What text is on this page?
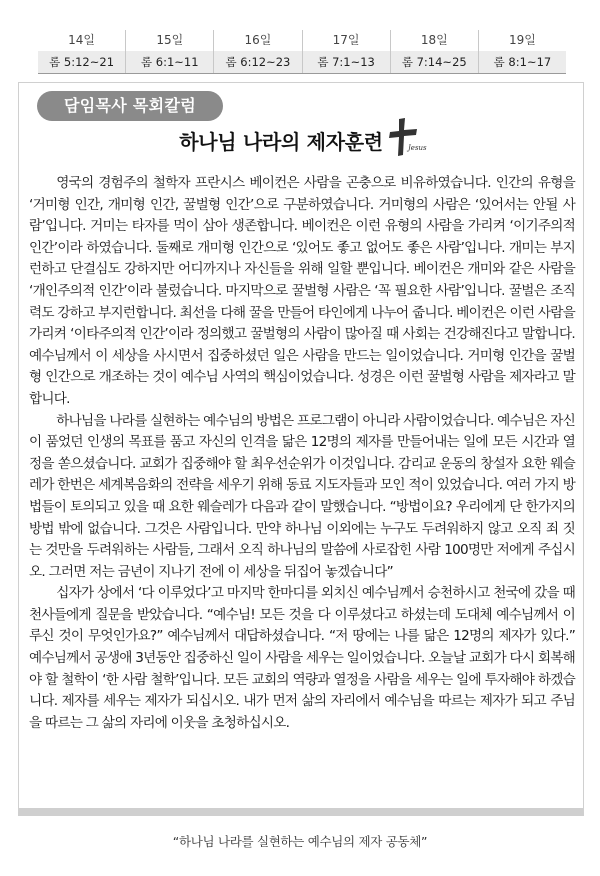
14일
롬 5:12~21
15일
롬 6:1~11
16일
롬 6:12~23
17일
롬 7:1~13
18일
롬 7:14~25
19일
롬 8:1~17
담임목사 목회칼럼
하나님 나라의 제자훈련	Jesus

영국의 경험주의 철학자 프란시스 베이컨은 사람을 곤충으로 비유하였습니다. 인간의 유형을 ‘거미형 인간, 개미형 인간, 꿀벌형 인간’으로 구분하였습니다. 거미형의 사람은 ‘있어서는 안될 사람’입니다. 거미는 타자를 먹이 삼아 생존합니다. 베이컨은 이런 유형의 사람을 가리켜 ‘이기주의적 인간’이라 하였습니다. 둘째로 개미형 인간으로 ‘있어도 좋고 없어도 좋은 사람’입니다. 개미는 부지런하고 단결심도 강하지만 어디까지나 자신들을 위해 일할 뿐입니다. 베이컨은 개미와 같은 사람을 ‘개인주의적 인간’이라 불렀습니다. 마지막으로 꿀벌형 사람은 ‘꼭 필요한 사람’입니다. 꿀벌은 조직력도 강하고 부지런합니다. 최선을 다해 꿀을 만들어 타인에게 나누어 줍니다. 베이컨은 이런 사람을 가리켜 ‘이타주의적 인간’이라 정의했고 꿀벌형의 사람이 많아질 때 사회는 건강해진다고 말합니다. 예수님께서 이 세상을 사시면서 집중하셨던 일은 사람을 만드는 일이었습니다. 거미형 인간을 꿀벌형 인간으로 개조하는 것이 예수님 사역의 핵심이었습니다. 성경은 이런 꿀벌형 사람을 제자라고 말합니다.

하나님을 나라를 실현하는 예수님의 방법은 프로그램이 아니라 사람이었습니다. 예수님은 자신이 품었던 인생의 목표를 품고 자신의 인격을 닮은 12명의 제자를 만들어내는 일에 모든 시간과 열정을 쏟으셨습니다. 교회가 집중해야 할 최우선순위가 이것입니다. 감리교 운동의 창설자 요한 웨슬레가 한번은 세계복음화의 전략을 세우기 위해 동료 지도자들과 모인 적이 있었습니다. 여러 가지 방법들이 토의되고 있을 때 요한 웨슬레가 다음과 같이 말했습니다. “방법이요? 우리에게 단 한가지의 방법 밖에 없습니다. 그것은 사람입니다. 만약 하나님 이외에는 누구도 두려워하지 않고 오직 죄 짓는 것만을 두려워하는 사람들, 그래서 오직 하나님의 말씀에 사로잡힌 사람 100명만 저에게 주십시오. 그러면 저는 금년이 지나기 전에 이 세상을 뒤집어 놓겠습니다”

십자가 상에서 ‘다 이루었다’고 마지막 한마디를 외치신 예수님께서 승천하시고 천국에 갔을 때 천사들에게 질문을 받았습니다. “예수님! 모든 것을 다 이루셨다고 하셨는데 도대체 예수님께서 이루신 것이 무엇인가요?” 예수님께서 대답하셨습니다. “저 땅에는 나를 닮은 12명의 제자가 있다.” 예수님께서 공생애 3년동안 집중하신 일이 사람을 세우는 일이었습니다. 오늘날 교회가 다시 회복해야 할 철학이 ‘한 사람 철학’입니다. 모든 교회의 역량과 열정을 사람을 세우는 일에 투자해야 하겠습니다. 제자를 세우는 제자가 되십시오. 내가 먼저 삶의 자리에서 예수님을 따르는 제자가 되고 주님을 따르는 그 삶의 자리에 이웃을 초청하십시오.

“하나님 나라를 실현하는 예수님의 제자 공동체”
